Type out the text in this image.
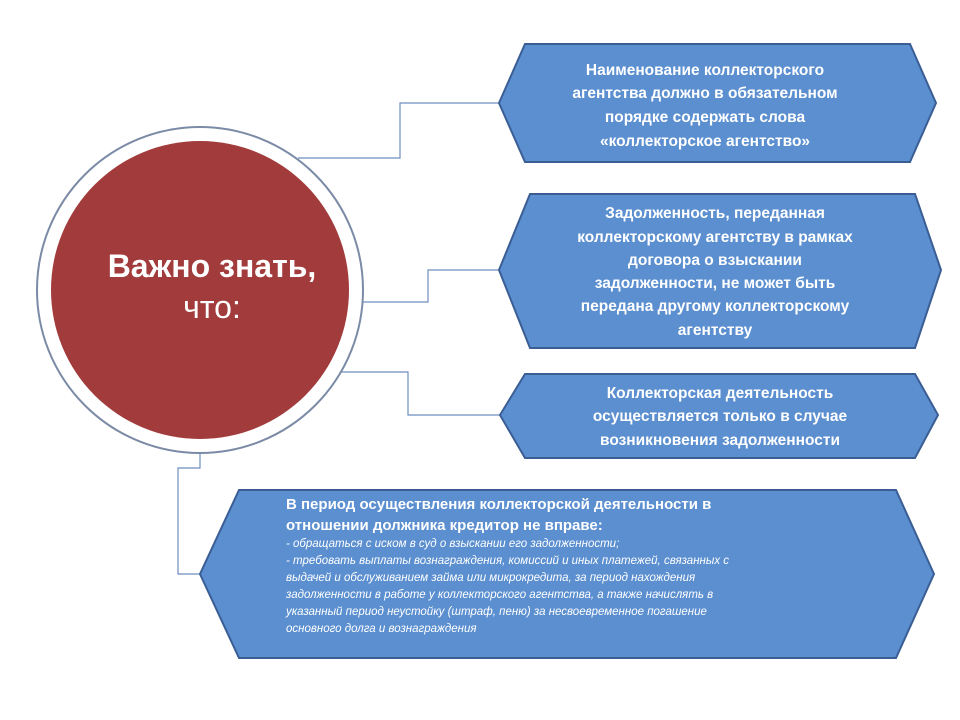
Важно знать,
что:
Наименование коллекторского
агентства должно в обязательном
порядке содержать слова
«коллекторское агентство»
Задолженность, переданная
коллекторскому агентству в рамках
договора о взыскании
задолженности, не может быть
передана другому коллекторскому
агентству
Коллекторская деятельность
осуществляется только в случае
возникновения задолженности
В период осуществления коллекторской деятельности в
отношении должника кредитор не вправе:
- обращаться с иском в суд о взыскании его задолженности;
- требовать выплаты вознаграждения, комиссий и иных платежей, связанных с
выдачей и обслуживанием займа или микрокредита, за период нахождения
задолженности в работе у коллекторского агентства, а также начислять в
указанный период неустойку (штраф, пеню) за несвоевременное погашение
основного долга и вознаграждения
